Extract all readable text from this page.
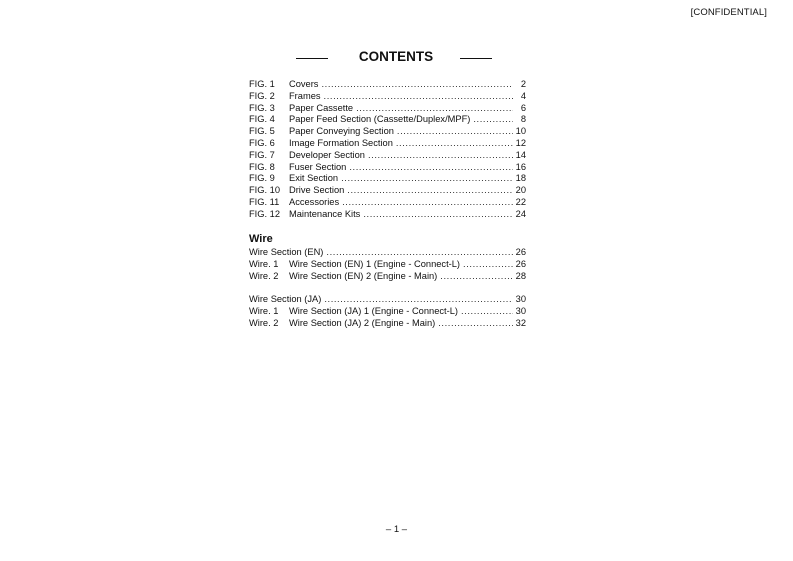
[CONFIDENTIAL]
CONTENTS
FIG. 1 Covers .....	2
FIG. 2 Frames .....	4
FIG. 3 Paper Cassette .....	6
FIG. 4 Paper Feed Section (Cassette/Duplex/MPF) .....	8
FIG. 5 Paper Conveying Section .....	10
FIG. 6 Image Formation Section .....	12
FIG. 7 Developer Section .....	14
FIG. 8 Fuser Section .....	16
FIG. 9 Exit Section .....	18
FIG. 10 Drive Section .....	20
FIG. 11 Accessories .....	22
FIG. 12 Maintenance Kits .....	24
Wire
Wire Section (EN) .....	26
Wire. 1 Wire Section (EN) 1 (Engine - Connect-L) .....	26
Wire. 2 Wire Section (EN) 2 (Engine - Main) .....	28
Wire Section (JA) .....	30
Wire. 1 Wire Section (JA) 1 (Engine - Connect-L) .....	30
Wire. 2 Wire Section (JA) 2 (Engine - Main) .....	32
– 1 –
